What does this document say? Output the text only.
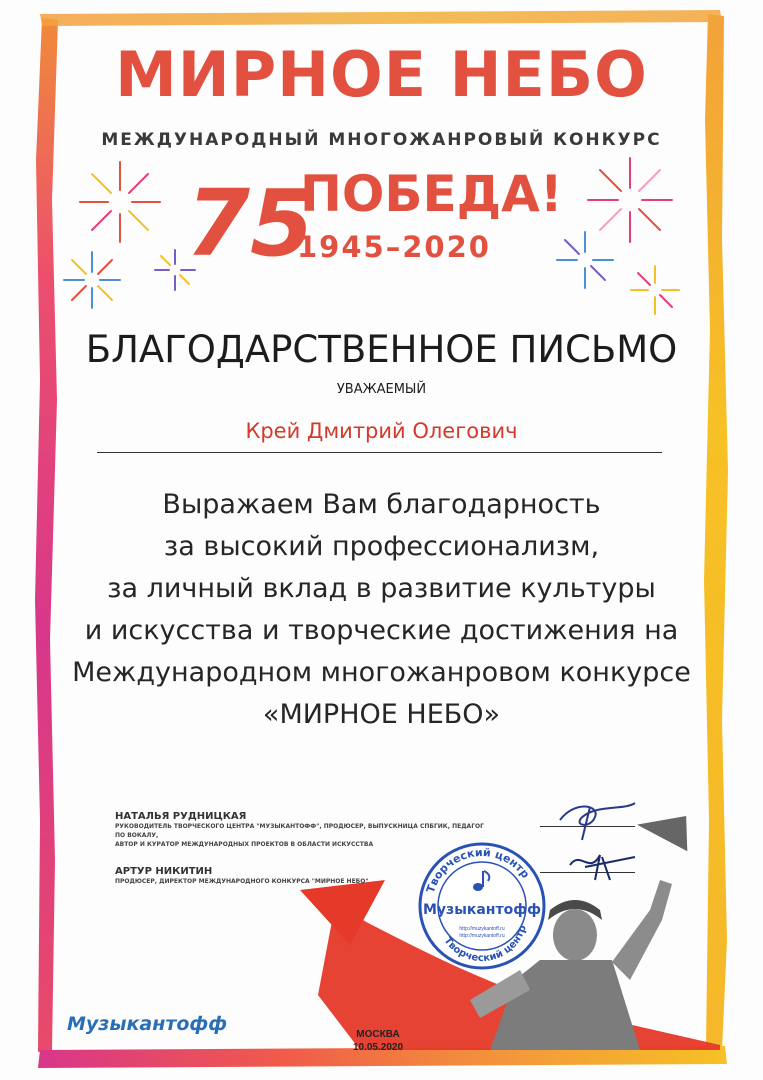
МИРНОЕ НЕБО
МЕЖДУНАРОДНЫЙ МНОГОЖАНРОВЫЙ КОНКУРС
75
ПОБЕДА!
1945–2020
БЛАГОДАРСТВЕННОЕ ПИСЬМО
УВАЖАЕМЫЙ
Крей Дмитрий Олегович
Выражаем Вам благодарность
за высокий профессионализм,
за личный вклад в развитие культуры
и искусства и творческие достижения на
Международном многожанровом конкурсе
«МИРНОЕ НЕБО»
НАТАЛЬЯ РУДНИЦКАЯ
РУКОВОДИТЕЛЬ ТВОРЧЕСКОГО ЦЕНТРА "МУЗЫКАНТОФФ", ПРОДЮСЕР, ВЫПУСКНИЦА СПБГИК, ПЕДАГОГ ПО ВОКАЛУ,
АВТОР И КУРАТОР МЕЖДУНАРОДНЫХ ПРОЕКТОВ В ОБЛАСТИ ИСКУССТВА
АРТУР НИКИТИН
ПРОДЮСЕР, ДИРЕКТОР МЕЖДУНАРОДНОГО КОНКУРСА "МИРНОЕ НЕБО"
Творческий центр
Творческий центр
Музыкантофф
http://muzykantoff.ru
http://muzykantoff.ru
Музыкантофф	МОСКВА
10.05.2020
